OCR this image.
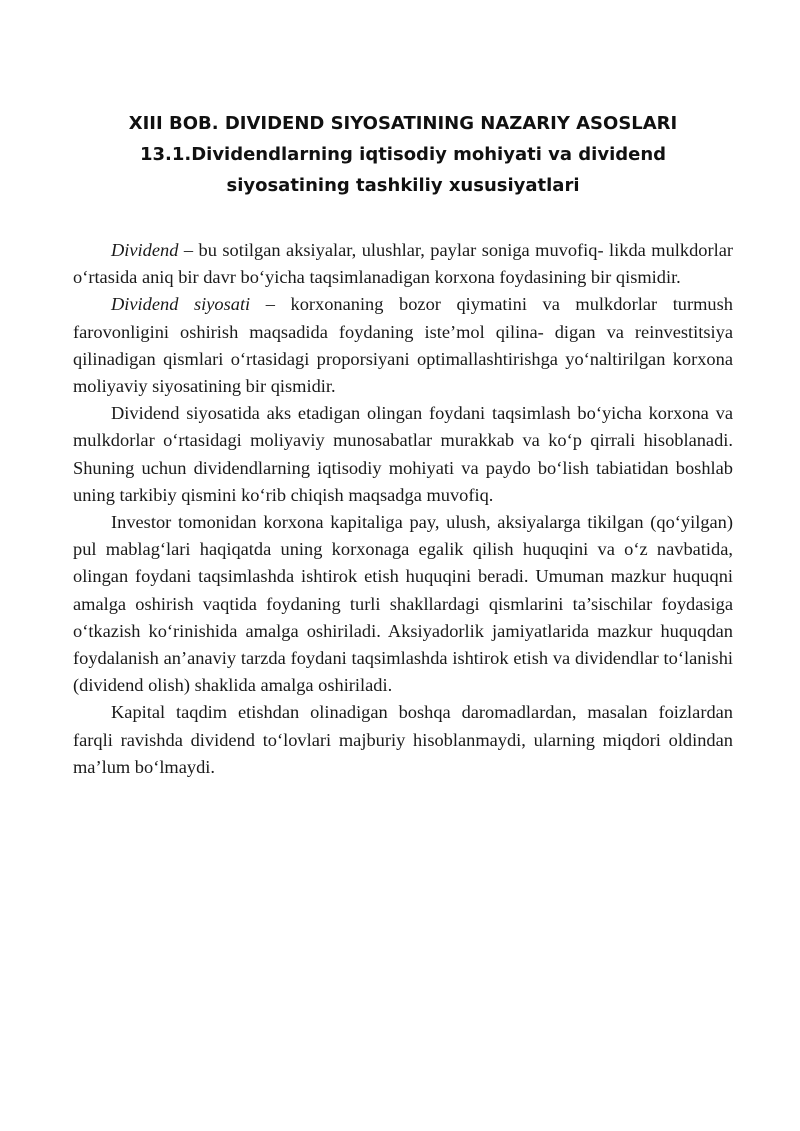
XIII BOB. DIVIDEND SIYOSATINING NAZARIY ASOSLARI
13.1.Dividendlarning iqtisodiy mohiyati va dividend siyosatining tashkiliy xususiyatlari

Dividend – bu sotilgan aksiyalar, ulushlar, paylar soniga muvofiq- likda mulkdorlar o‘rtasida aniq bir davr bo‘yicha taqsimlanadigan korxona foydasining bir qismidir.

Dividend siyosati – korxonaning bozor qiymatini va mulkdorlar turmush farovonligini oshirish maqsadida foydaning iste’mol qilina- digan va reinvestitsiya qilinadigan qismlari o‘rtasidagi proporsiyani optimallashtirishga yo‘naltirilgan korxona moliyaviy siyosatining bir qismidir.

Dividend siyosatida aks etadigan olingan foydani taqsimlash bo‘yicha korxona va mulkdorlar o‘rtasidagi moliyaviy munosabatlar murakkab va ko‘p qirrali hisoblanadi. Shuning uchun dividendlarning iqtisodiy mohiyati va paydo bo‘lish tabiatidan boshlab uning tarkibiy qismini ko‘rib chiqish maqsadga muvofiq.

Investor tomonidan korxona kapitaliga pay, ulush, aksiyalarga tikilgan (qo‘yilgan) pul mablag‘lari haqiqatda uning korxonaga egalik qilish huquqini va o‘z navbatida, olingan foydani taqsimlashda ishtirok etish huquqini beradi. Umuman mazkur huquqni amalga oshirish vaqtida foydaning turli shakllardagi qismlarini ta’sischilar foydasiga o‘tkazish ko‘rinishida amalga oshiriladi. Aksiyadorlik jamiyatlarida mazkur huquqdan foydalanish an’anaviy tarzda foydani taqsimlashda ishtirok etish va dividendlar to‘lanishi (dividend olish) shaklida amalga oshiriladi.

Kapital taqdim etishdan olinadigan boshqa daromadlardan, masalan foizlardan farqli ravishda dividend to‘lovlari majburiy hisoblanmaydi, ularning miqdori oldindan ma’lum bo‘lmaydi.
